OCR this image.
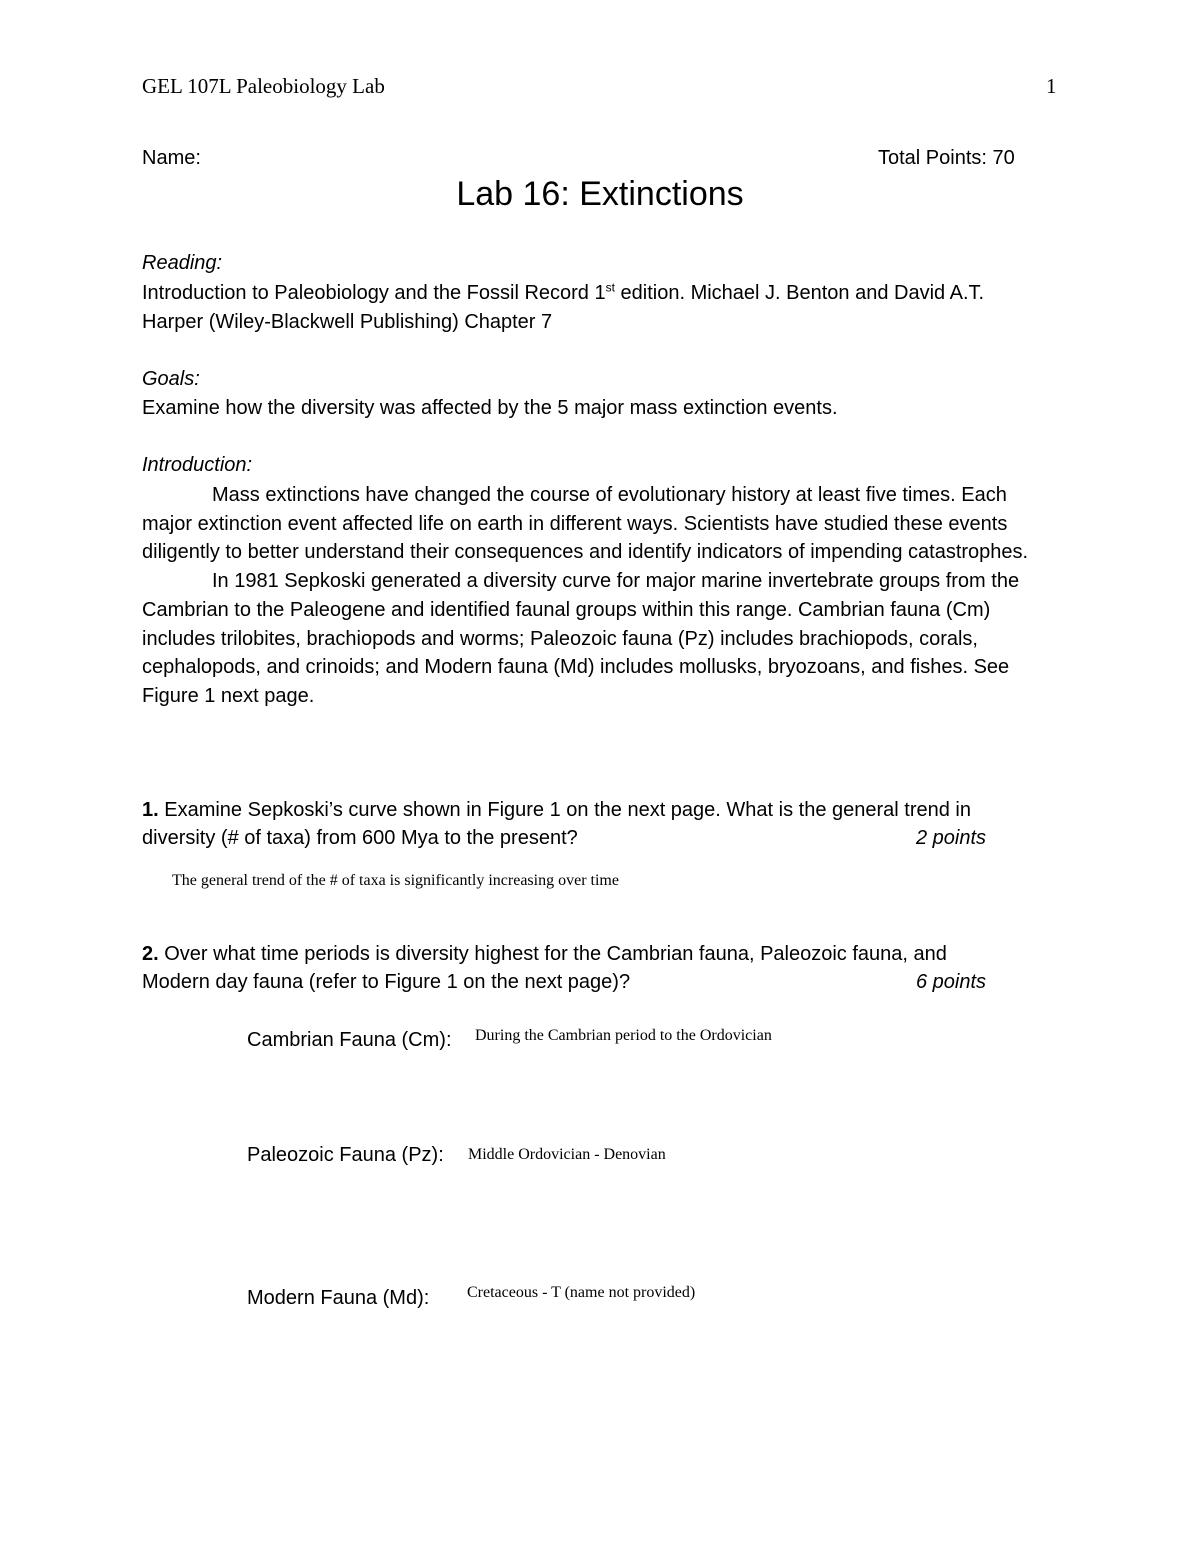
GEL 107L Paleobiology Lab	1
Name:	Total Points: 70
Lab 16: Extinctions
Reading:
Introduction to Paleobiology and the Fossil Record 1st edition. Michael J. Benton and David A.T.
Harper (Wiley-Blackwell Publishing) Chapter 7
Goals:
Examine how the diversity was affected by the 5 major mass extinction events.
Introduction:

Mass extinctions have changed the course of evolutionary history at least five times. Each major extinction event affected life on earth in different ways. Scientists have studied these events diligently to better understand their consequences and identify indicators of impending catastrophes.

In 1981 Sepkoski generated a diversity curve for major marine invertebrate groups from the Cambrian to the Paleogene and identified faunal groups within this range. Cambrian fauna (Cm) includes trilobites, brachiopods and worms; Paleozoic fauna (Pz) includes brachiopods, corals, cephalopods, and crinoids; and Modern fauna (Md) includes mollusks, bryozoans, and fishes. See Figure 1 next page.

1. Examine Sepkoski’s curve shown in Figure 1 on the next page. What is the general trend in
diversity (# of taxa) from 600 Mya to the present?	2 points
The general trend of the # of taxa is significantly increasing over time
2. Over what time periods is diversity highest for the Cambrian fauna, Paleozoic fauna, and
Modern day fauna (refer to Figure 1 on the next page)?	6 points
Cambrian Fauna (Cm): During the Cambrian period to the Ordovician
Paleozoic Fauna (Pz): Middle Ordovician - Denovian
Modern Fauna (Md): Cretaceous - T (name not provided)
